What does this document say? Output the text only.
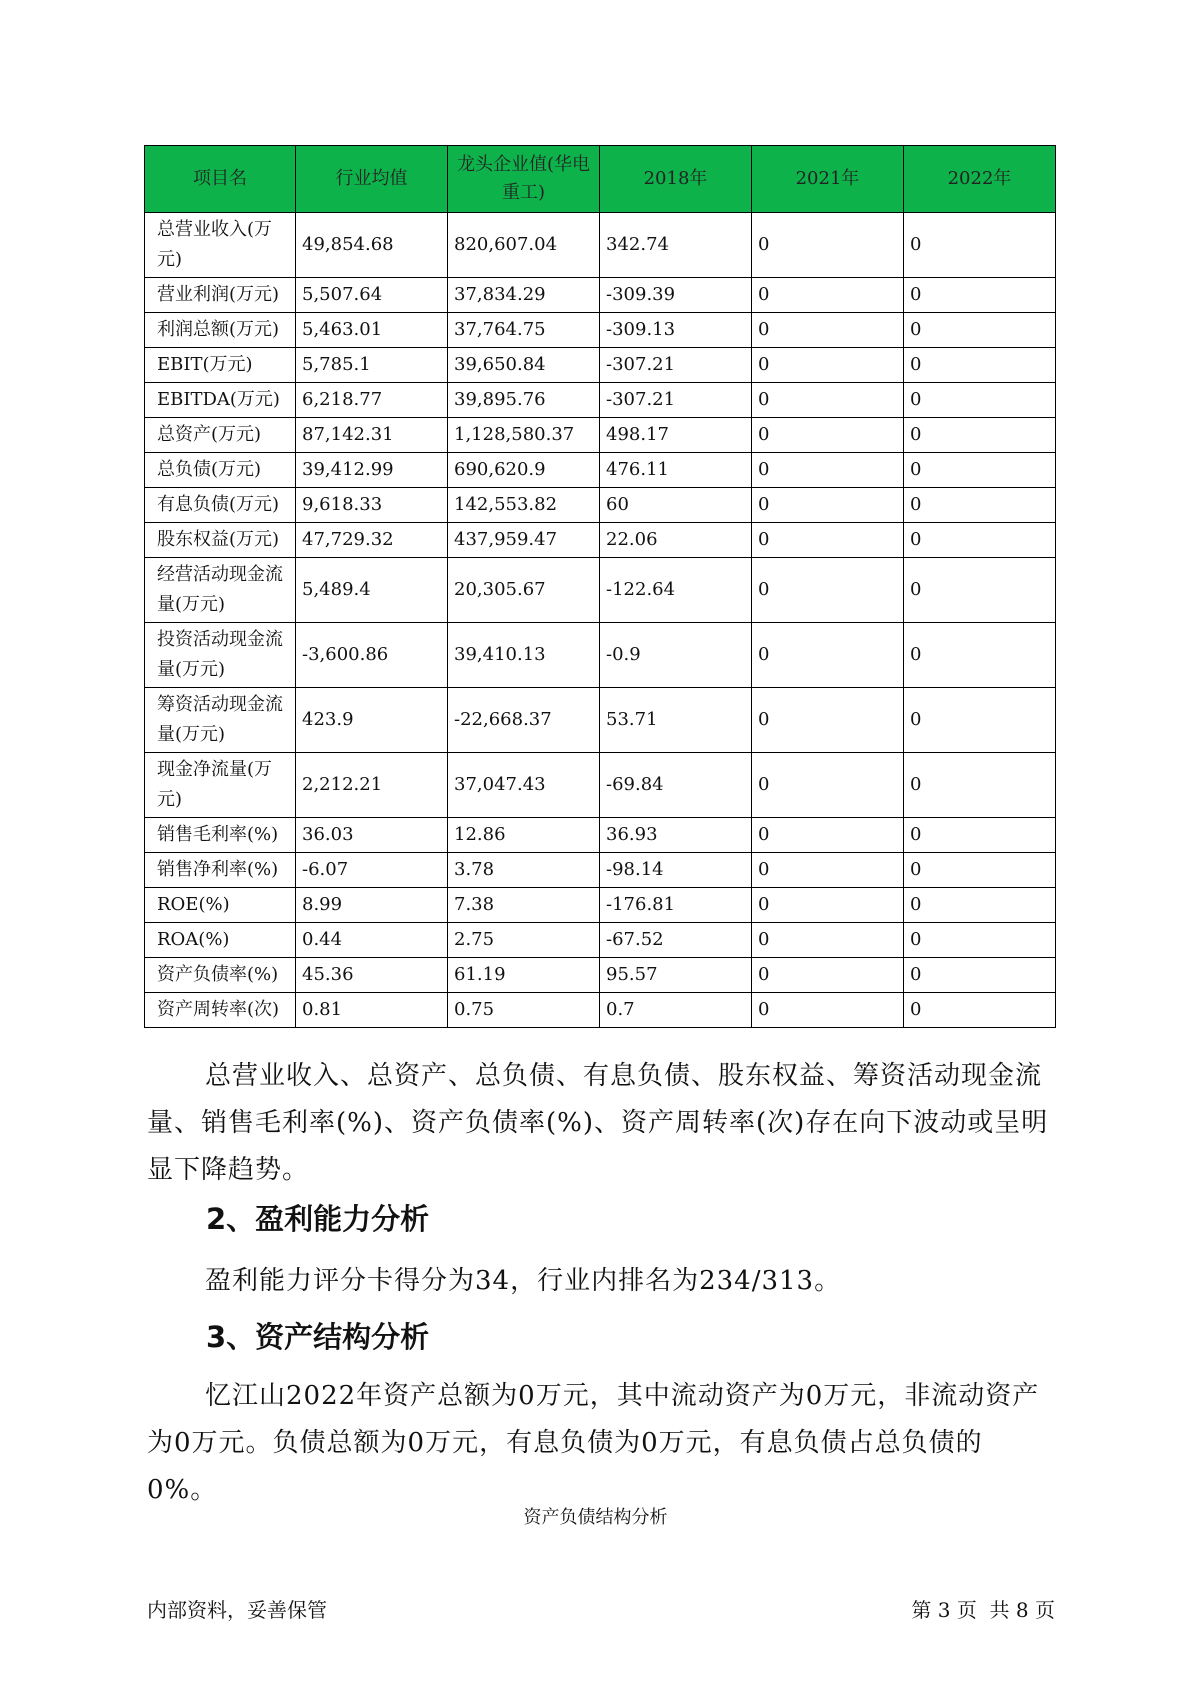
项目名	行业均值	龙头企业值(华电重工)	2018年	2021年	2022年
总营业收入(万元)	49,854.68	820,607.04	342.74	0	0
营业利润(万元)	5,507.64	37,834.29	-309.39	0	0
利润总额(万元)	5,463.01	37,764.75	-309.13	0	0
EBIT(万元)	5,785.1	39,650.84	-307.21	0	0
EBITDA(万元)	6,218.77	39,895.76	-307.21	0	0
总资产(万元)	87,142.31	1,128,580.37	498.17	0	0
总负债(万元)	39,412.99	690,620.9	476.11	0	0
有息负债(万元)	9,618.33	142,553.82	60	0	0
股东权益(万元)	47,729.32	437,959.47	22.06	0	0
经营活动现金流量(万元)	5,489.4	20,305.67	-122.64	0	0
投资活动现金流量(万元)	-3,600.86	39,410.13	-0.9	0	0
筹资活动现金流量(万元)	423.9	-22,668.37	53.71	0	0
现金净流量(万元)	2,212.21	37,047.43	-69.84	0	0
销售毛利率(%)	36.03	12.86	36.93	0	0
销售净利率(%)	-6.07	3.78	-98.14	0	0
ROE(%)	8.99	7.38	-176.81	0	0
ROA(%)	0.44	2.75	-67.52	0	0
资产负债率(%)	45.36	61.19	95.57	0	0
资产周转率(次)	0.81	0.75	0.7	0	0

总营业收入、总资产、总负债、有息负债、股东权益、筹资活动现金流量、销售毛利率(%)、资产负债率(%)、资产周转率(次)存在向下波动或呈明显下降趋势。

2、盈利能力分析

盈利能力评分卡得分为34，行业内排名为234/313。

3、资产结构分析

忆江山2022年资产总额为0万元，其中流动资产为0万元，非流动资产为0万元。负债总额为0万元，有息负债为0万元，有息负债占总负债的0%。

资产负债结构分析
内部资料，妥善保管	第 3 页  共 8 页
